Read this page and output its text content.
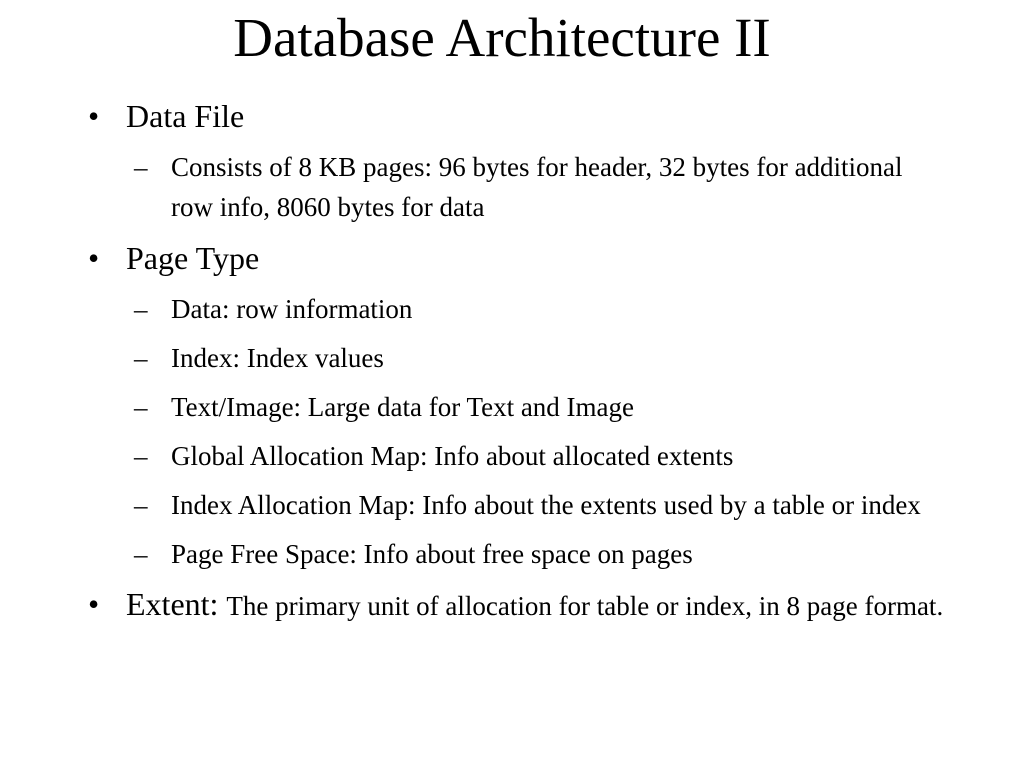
Database Architecture II
• Data File
– Consists of 8 KB pages: 96 bytes for header, 32 bytes for additional row info, 8060 bytes for data
• Page Type
– Data: row information
– Index: Index values
– Text/Image: Large data for Text and Image
– Global Allocation Map: Info about allocated extents
– Index Allocation Map: Info about the extents used by a table or index
– Page Free Space: Info about free space on pages
• Extent: The primary unit of allocation for table or index, in 8 page format.
